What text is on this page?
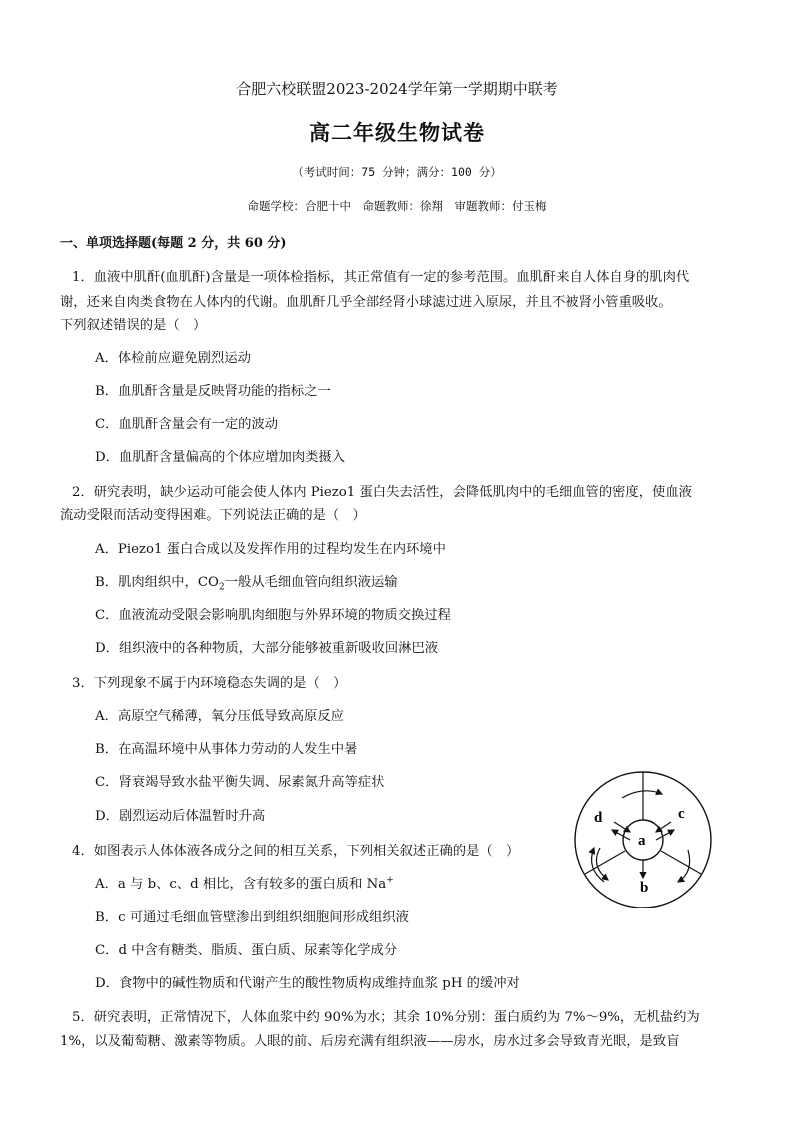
合肥六校联盟2023-2024学年第一学期期中联考
高二年级生物试卷
（考试时间：75 分钟；满分：100 分）
命题学校：合肥十中　命题教师：徐翔　审题教师：付玉梅
一、单项选择题(每题 2 分，共 60 分)
1．血液中肌酐(血肌酐)含量是一项体检指标，其正常值有一定的参考范围。血肌酐来自人体自身的肌肉代
谢，还来自肉类食物在人体内的代谢。血肌酐几乎全部经肾小球滤过进入原尿，并且不被肾小管重吸收。
下列叙述错误的是（　）
A．体检前应避免剧烈运动
B．血肌酐含量是反映肾功能的指标之一
C．血肌酐含量会有一定的波动
D．血肌酐含量偏高的个体应增加肉类摄入
2．研究表明，缺少运动可能会使人体内 Piezo1 蛋白失去活性，会降低肌肉中的毛细血管的密度，使血液
流动受限而活动变得困难。下列说法正确的是（　）
A．Piezo1 蛋白合成以及发挥作用的过程均发生在内环境中
B．肌肉组织中，$CO_2$一般从毛细血管向组织液运输
C．血液流动受限会影响肌肉细胞与外界环境的物质交换过程
D．组织液中的各种物质，大部分能够被重新吸收回淋巴液
3．下列现象不属于内环境稳态失调的是（　）
A．高原空气稀薄，氧分压低导致高原反应
B．在高温环境中从事体力劳动的人发生中暑
C．肾衰竭导致水盐平衡失调、尿素氮升高等症状
D．剧烈运动后体温暂时升高
4．如图表示人体体液各成分之间的相互关系，下列相关叙述正确的是（　）
A．a 与 b、c、d 相比，含有较多的蛋白质和 Na+
B．c 可通过毛细血管壁渗出到组织细胞间形成组织液
C．d 中含有糖类、脂质、蛋白质、尿素等化学成分
D．食物中的碱性物质和代谢产生的酸性物质构成维持血浆 pH 的缓冲对
5．研究表明，正常情况下，人体血浆中约 90%为水；其余 10%分别：蛋白质约为 7%～9%，无机盐约为
1%，以及葡萄糖、激素等物质。人眼的前、后房充满有组织液——房水，房水过多会导致青光眼，是致盲
d	c
a
b
